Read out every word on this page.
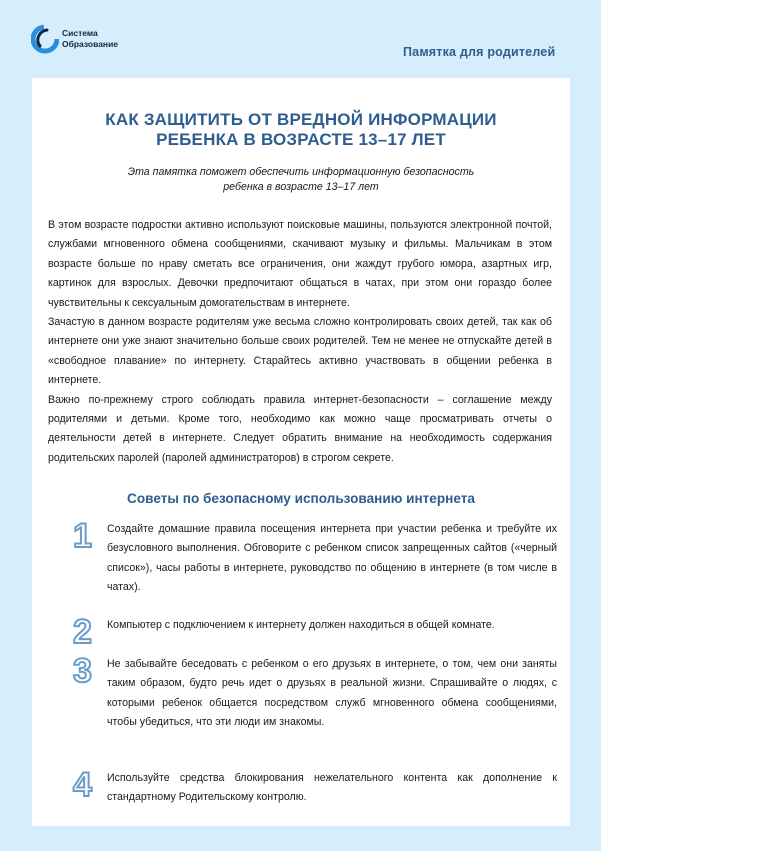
Система
Образование
Памятка для родителей
КАК ЗАЩИТИТЬ ОТ ВРЕДНОЙ ИНФОРМАЦИИ
РЕБЕНКА В ВОЗРАСТЕ 13–17 ЛЕТ
Эта памятка поможет обеспечить информационную безопасность
ребенка в возрасте 13–17 лет

В этом возрасте подростки активно используют поисковые машины, пользуются электронной почтой, службами мгновенного обмена сообщениями, скачивают музыку и фильмы. Мальчикам в этом возрасте больше по нраву сметать все ограничения, они жаждут грубого юмора, азартных игр, картинок для взрослых. Девочки предпочитают общаться в чатах, при этом они гораздо более чувствительны к сексуальным домогательствам в интернете.

Зачастую в данном возрасте родителям уже весьма сложно контролировать своих детей, так как об интернете они уже знают значительно больше своих родителей. Тем не менее не отпускайте детей в «свободное плавание» по интернету. Старайтесь активно участвовать в общении ребенка в интернете.

Важно по-прежнему строго соблюдать правила интернет-безопасности – соглашение между родителями и детьми. Кроме того, необходимо как можно чаще просматривать отчеты о деятельности детей в интернете. Следует обратить внимание на необходимость содержания родительских паролей (паролей администраторов) в строгом секрете.

Советы по безопасному использованию интернета
1	Создайте домашние правила посещения интернета при участии ребенка и требуйте их безусловного выполнения. Обговорите с ребенком список запрещенных сайтов («черный список»), часы работы в интернете, руководство по общению в интернете (в том числе в чатах).
2	Компьютер с подключением к интернету должен находиться в общей комнате.
3	Не забывайте беседовать с ребенком о его друзьях в интернете, о том, чем они заняты таким образом, будто речь идет о друзьях в реальной жизни. Спрашивайте о людях, с которыми ребенок общается посредством служб мгновенного обмена сообщениями, чтобы убедиться, что эти люди им знакомы.
4	Используйте средства блокирования нежелательного контента как дополнение к стандартному Родительскому контролю.
